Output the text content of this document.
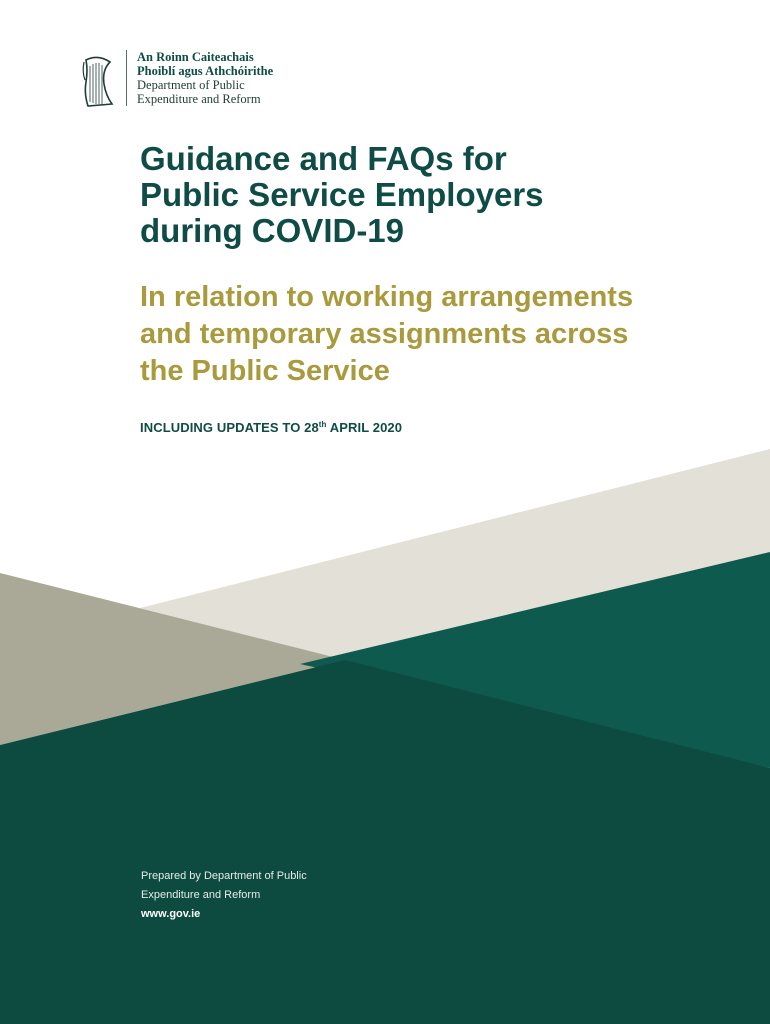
An Roinn Caiteachais
Phoiblí agus Athchóirithe
Department of Public
Expenditure and Reform
Guidance and FAQs for
Public Service Employers
during COVID-19
In relation to working arrangements
and temporary assignments across
the Public Service
INCLUDING UPDATES TO 28th APRIL 2020
Prepared by Department of Public
Expenditure and Reform
www.gov.ie
